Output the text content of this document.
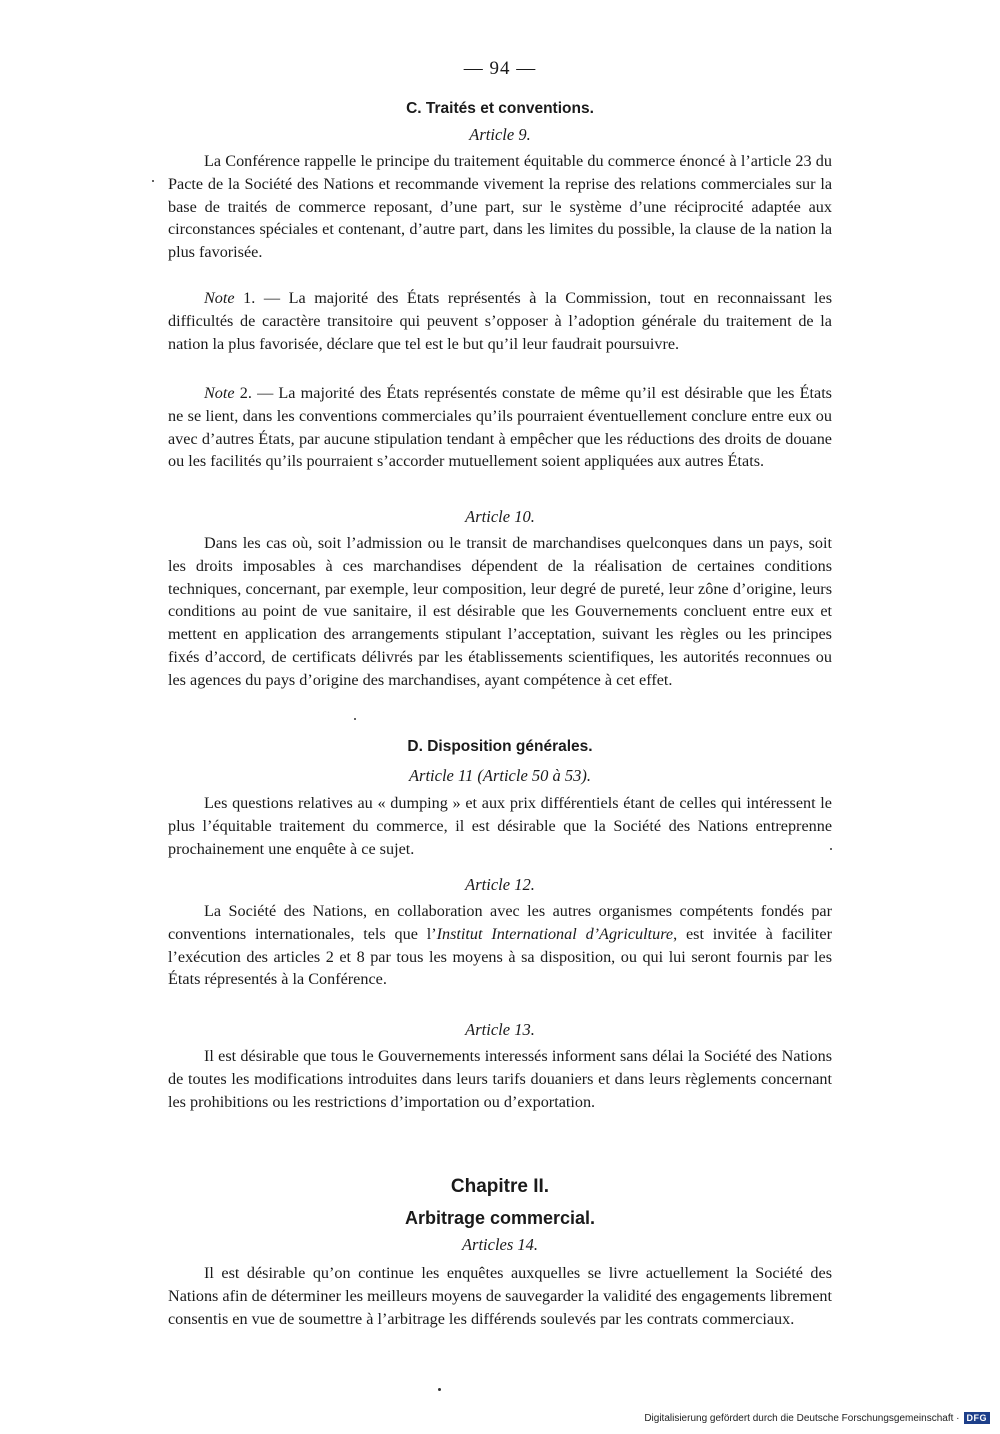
— 94 —
C. Traités et conventions.
Article 9.

La Conférence rappelle le principe du traitement équitable du commerce énoncé à l’article 23 du Pacte de la Société des Nations et recommande vivement la reprise des relations commerciales sur la base de traités de commerce reposant, d’une part, sur le système d’une réciprocité adaptée aux circonstances spéciales et contenant, d’autre part, dans les limites du possible, la clause de la nation la plus favorisée.

Note 1. — La majorité des États représentés à la Commission, tout en reconnaissant les difficultés de caractère transitoire qui peuvent s’opposer à l’adoption générale du traitement de la nation la plus favorisée, déclare que tel est le but qu’il leur faudrait poursuivre.

Note 2. — La majorité des États représentés constate de même qu’il est désirable que les États ne se lient, dans les conventions commerciales qu’ils pourraient éventuellement conclure entre eux ou avec d’autres États, par aucune stipulation tendant à empêcher que les réductions des droits de douane ou les facilités qu’ils pourraient s’accorder mutuellement soient appliquées aux autres États.

Article 10.

Dans les cas où, soit l’admission ou le transit de marchandises quelconques dans un pays, soit les droits imposables à ces marchandises dépendent de la réalisation de certaines conditions techniques, concernant, par exemple, leur composition, leur degré de pureté, leur zône d’origine, leurs conditions au point de vue sanitaire, il est désirable que les Gouvernements concluent entre eux et mettent en application des arrangements stipulant l’acceptation, suivant les règles ou les principes fixés d’accord, de certificats délivrés par les établissements scientifiques, les autorités reconnues ou les agences du pays d’origine des marchandises, ayant compétence à cet effet.

D. Disposition générales.
Article 11 (Article 50 à 53).

Les questions relatives au « dumping » et aux prix différentiels étant de celles qui intéressent le plus l’équitable traitement du commerce, il est désirable que la Société des Nations entreprenne prochainement une enquête à ce sujet.

Article 12.

La Société des Nations, en collaboration avec les autres organismes compétents fondés par conventions internationales, tels que l’Institut International d’Agriculture, est invitée à faciliter l’exécution des articles 2 et 8 par tous les moyens à sa disposition, ou qui lui seront fournis par les États répresentés à la Conférence.

Article 13.

Il est désirable que tous le Gouvernements interessés informent sans délai la Société des Nations de toutes les modifications introduites dans leurs tarifs douaniers et dans leurs règlements concernant les prohibitions ou les restrictions d’importation ou d’exportation.

Chapitre II.
Arbitrage commercial.
Articles 14.

Il est désirable qu’on continue les enquêtes auxquelles se livre actuellement la Société des Nations afin de déterminer les meilleurs moyens de sauvegarder la validité des engagements librement consentis en vue de soumettre à l’arbitrage les différends soulevés par les contrats commerciaux.

Digitalisierung gefördert durch die Deutsche Forschungsgemeinschaft · DFG
